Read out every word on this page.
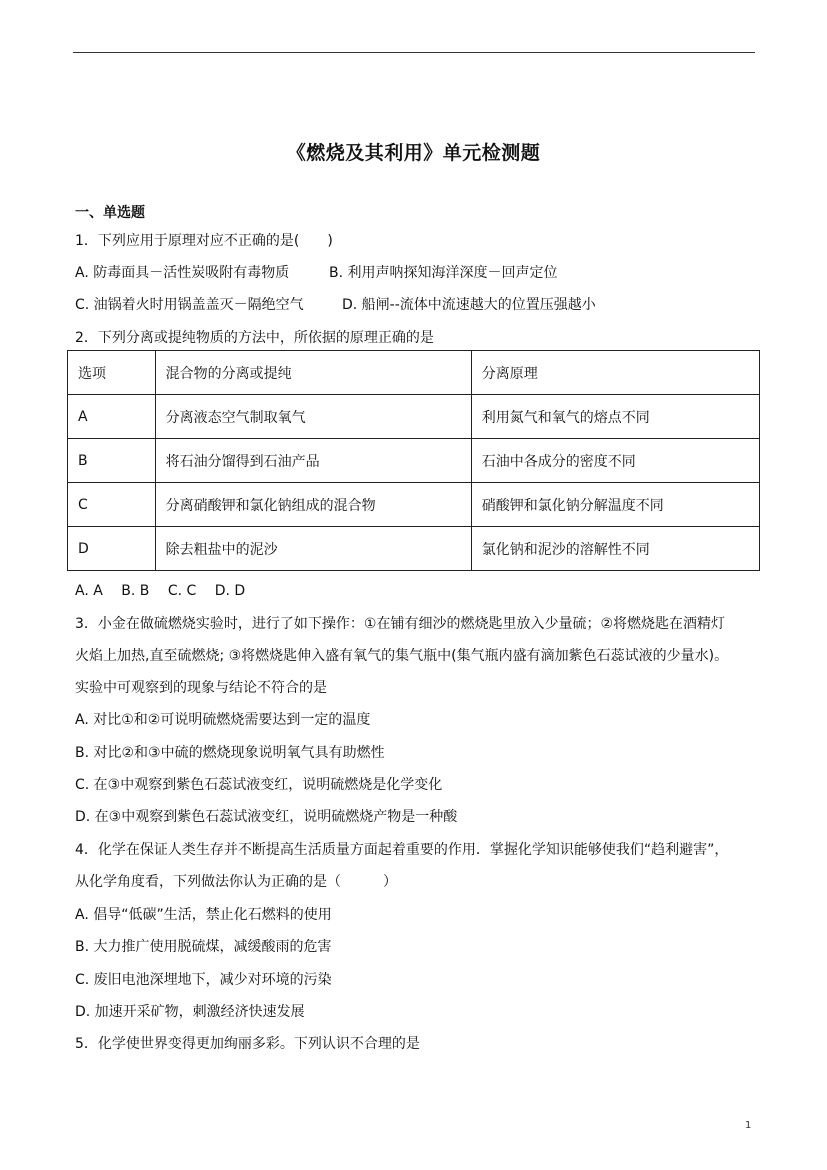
《燃烧及其利用》单元检测题
一、单选题
1．下列应用于原理对应不正确的是(　　)
A. 防毒面具－活性炭吸附有毒物质	B. 利用声呐探知海洋深度－回声定位
C. 油锅着火时用锅盖盖灭－隔绝空气	D. 船闸--流体中流速越大的位置压强越小
2．下列分离或提纯物质的方法中，所依据的原理正确的是
选项	混合物的分离或提纯	分离原理
A	分离液态空气制取氧气	利用氮气和氧气的熔点不同
B	将石油分馏得到石油产品	石油中各成分的密度不同
C	分离硝酸钾和氯化钠组成的混合物	硝酸钾和氯化钠分解温度不同
D	除去粗盐中的泥沙	氯化钠和泥沙的溶解性不同
A. A　 B. B　 C. C　 D. D
3．小金在做硫燃烧实验时，进行了如下操作：①在铺有细沙的燃烧匙里放入少量硫；②将燃烧匙在酒精灯
火焰上加热,直至硫燃烧; ③将燃烧匙伸入盛有氧气的集气瓶中(集气瓶内盛有滴加紫色石蕊试液的少量水)。
实验中可观察到的现象与结论不符合的是
A. 对比①和②可说明硫燃烧需要达到一定的温度
B. 对比②和③中硫的燃烧现象说明氧气具有助燃性
C. 在③中观察到紫色石蕊试液变红，说明硫燃烧是化学变化
D. 在③中观察到紫色石蕊试液变红，说明硫燃烧产物是一种酸
4．化学在保证人类生存并不断提高生活质量方面起着重要的作用．掌握化学知识能够使我们“趋利避害”，
从化学角度看，下列做法你认为正确的是（　　　）
A. 倡导“低碳”生活，禁止化石燃料的使用
B. 大力推广使用脱硫煤，减缓酸雨的危害
C. 废旧电池深埋地下，减少对环境的污染
D. 加速开采矿物，刺激经济快速发展
5．化学使世界变得更加绚丽多彩。下列认识不合理的是
1
